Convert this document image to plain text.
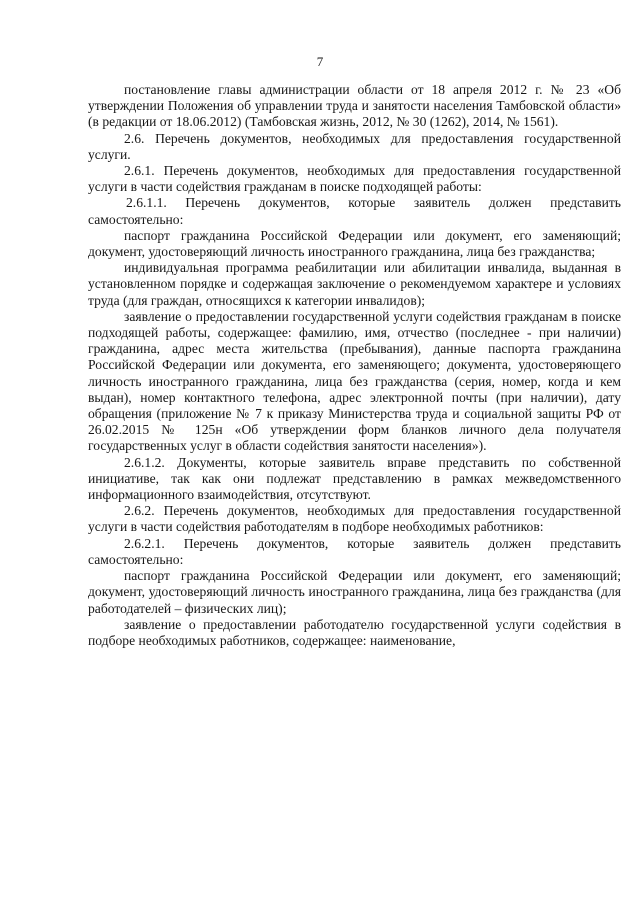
7

постановление главы администрации области от 18 апреля 2012 г. № 23 «Об утверждении Положения об управлении труда и занятости населения Тамбовской области» (в редакции от 18.06.2012) (Тамбовская жизнь, 2012, № 30 (1262), 2014, № 1561).

2.6. Перечень документов, необходимых для предоставления государственной услуги.

2.6.1. Перечень документов, необходимых для предоставления государственной услуги в части содействия гражданам в поиске подходящей работы:

2.6.1.1. Перечень документов, которые заявитель должен представить самостоятельно:

паспорт гражданина Российской Федерации или документ, его заменяющий; документ, удостоверяющий личность иностранного гражданина, лица без гражданства;

индивидуальная программа реабилитации или абилитации инвалида, выданная в установленном порядке и содержащая заключение о рекомендуемом характере и условиях труда (для граждан, относящихся к категории инвалидов);

заявление о предоставлении государственной услуги содействия гражданам в поиске подходящей работы, содержащее: фамилию, имя, отчество (последнее - при наличии) гражданина, адрес места жительства (пребывания), данные паспорта гражданина Российской Федерации или документа, его заменяющего; документа, удостоверяющего личность иностранного гражданина, лица без гражданства (серия, номер, когда и кем выдан), номер контактного телефона, адрес электронной почты (при наличии), дату обращения (приложение № 7 к приказу Министерства труда и социальной защиты РФ от 26.02.2015 № 125н «Об утверждении форм бланков личного дела получателя государственных услуг в области содействия занятости населения»).

2.6.1.2. Документы, которые заявитель вправе представить по собственной инициативе, так как они подлежат представлению в рамках межведомственного информационного взаимодействия, отсутствуют.

2.6.2. Перечень документов, необходимых для предоставления государственной услуги в части содействия работодателям в подборе необходимых работников:

2.6.2.1. Перечень документов, которые заявитель должен представить самостоятельно:

паспорт гражданина Российской Федерации или документ, его заменяющий; документ, удостоверяющий личность иностранного гражданина, лица без гражданства (для работодателей – физических лиц);

заявление о предоставлении работодателю государственной услуги содействия в подборе необходимых работников, содержащее: наименование,
